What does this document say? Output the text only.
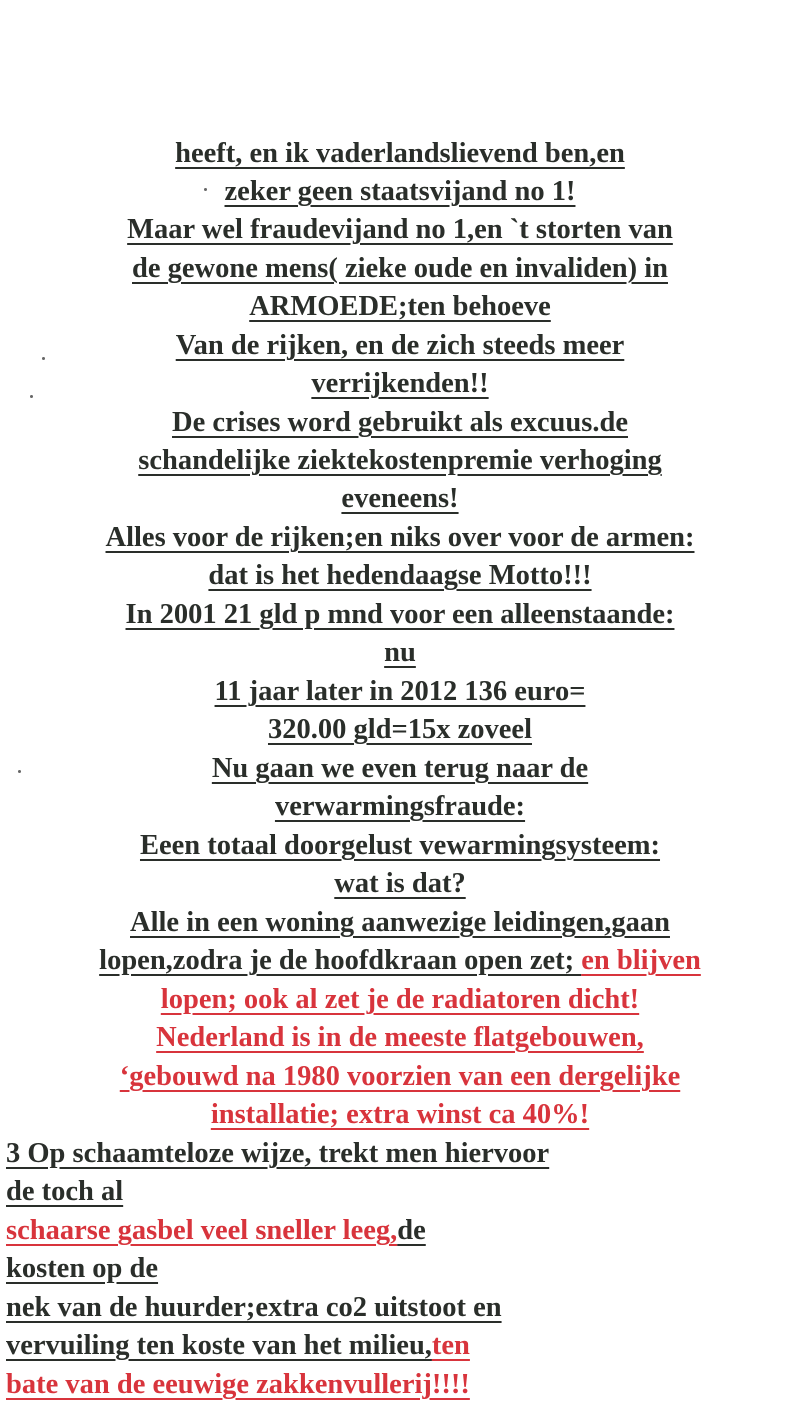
heeft, en ik vaderlandslievend ben,en
zeker geen staatsvijand no 1!
Maar wel fraudevijand no 1,en `t storten van
de gewone mens( zieke oude en invaliden) in
ARMOEDE;ten behoeve
Van de rijken, en de zich steeds meer
verrijkenden!!
De crises word gebruikt als excuus.de
schandelijke ziektekostenpremie verhoging
eveneens!
Alles voor de rijken;en niks over voor de armen:
dat is het hedendaagse Motto!!!
In 2001 21 gld p mnd voor een alleenstaande:
nu
11 jaar later in 2012 136 euro=
320.00 gld=15x zoveel
Nu gaan we even terug naar de
verwarmingsfraude:
Eeen totaal doorgelust vewarmingsysteem:
wat is dat?
Alle in een woning aanwezige leidingen,gaan
lopen,zodra je de hoofdkraan open zet; en blijven
lopen; ook al zet je de radiatoren dicht!
Nederland is in de meeste flatgebouwen,
‘gebouwd na 1980 voorzien van een dergelijke
installatie; extra winst ca 40%!
3 Op schaamteloze wijze, trekt men hiervoor
de toch al
schaarse gasbel veel sneller leeg,de
kosten op de
nek van de huurder;extra co2 uitstoot en
vervuiling ten koste van het milieu,ten
bate van de eeuwige zakkenvullerij!!!!
